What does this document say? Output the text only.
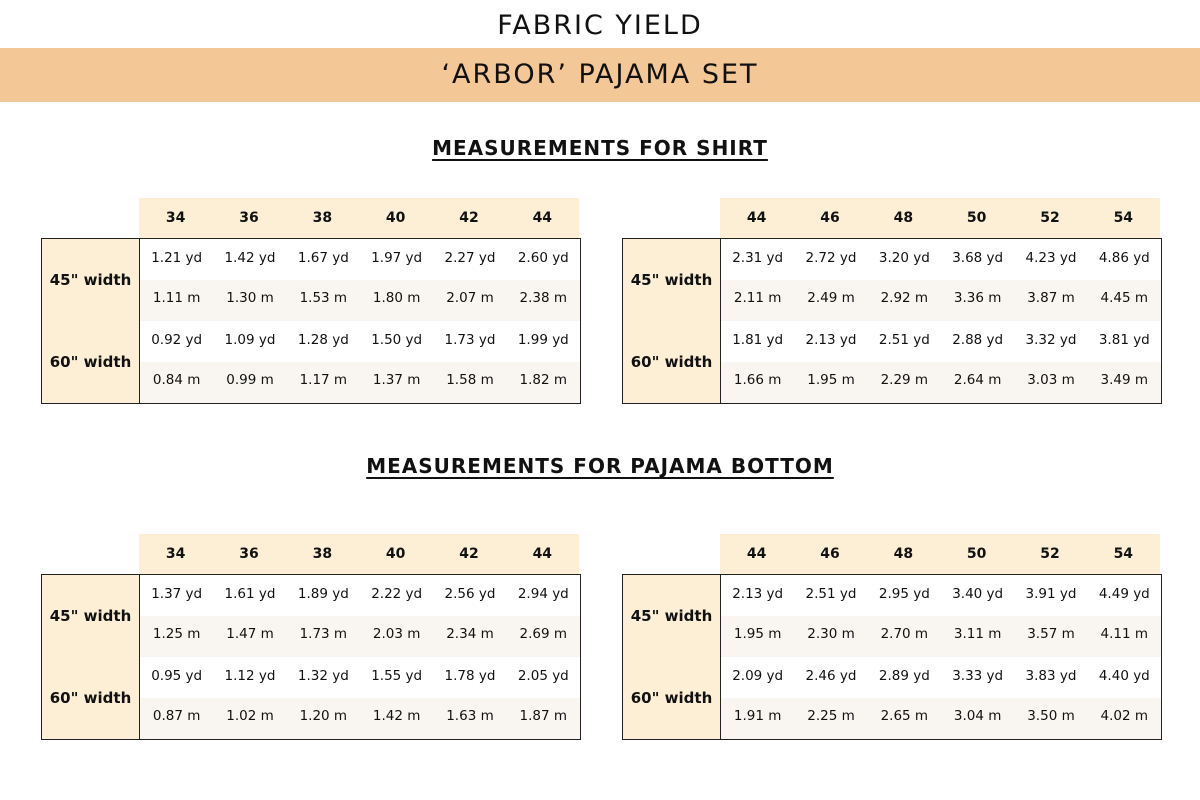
FABRIC YIELD
‘ARBOR’ PAJAMA SET
MEASUREMENTS FOR SHIRT
MEASUREMENTS FOR PAJAMA BOTTOM
34	36	38	40	42	44
45" width
1.21 yd	1.42 yd	1.67 yd	1.97 yd	2.27 yd	2.60 yd
1.11 m	1.30 m	1.53 m	1.80 m	2.07 m	2.38 m
60" width
0.92 yd	1.09 yd	1.28 yd	1.50 yd	1.73 yd	1.99 yd
0.84 m	0.99 m	1.17 m	1.37 m	1.58 m	1.82 m
44	46	48	50	52	54
45" width
2.31 yd	2.72 yd	3.20 yd	3.68 yd	4.23 yd	4.86 yd
2.11 m	2.49 m	2.92 m	3.36 m	3.87 m	4.45 m
60" width
1.81 yd	2.13 yd	2.51 yd	2.88 yd	3.32 yd	3.81 yd
1.66 m	1.95 m	2.29 m	2.64 m	3.03 m	3.49 m
34	36	38	40	42	44
45" width
1.37 yd	1.61 yd	1.89 yd	2.22 yd	2.56 yd	2.94 yd
1.25 m	1.47 m	1.73 m	2.03 m	2.34 m	2.69 m
60" width
0.95 yd	1.12 yd	1.32 yd	1.55 yd	1.78 yd	2.05 yd
0.87 m	1.02 m	1.20 m	1.42 m	1.63 m	1.87 m
44	46	48	50	52	54
45" width
2.13 yd	2.51 yd	2.95 yd	3.40 yd	3.91 yd	4.49 yd
1.95 m	2.30 m	2.70 m	3.11 m	3.57 m	4.11 m
60" width
2.09 yd	2.46 yd	2.89 yd	3.33 yd	3.83 yd	4.40 yd
1.91 m	2.25 m	2.65 m	3.04 m	3.50 m	4.02 m
